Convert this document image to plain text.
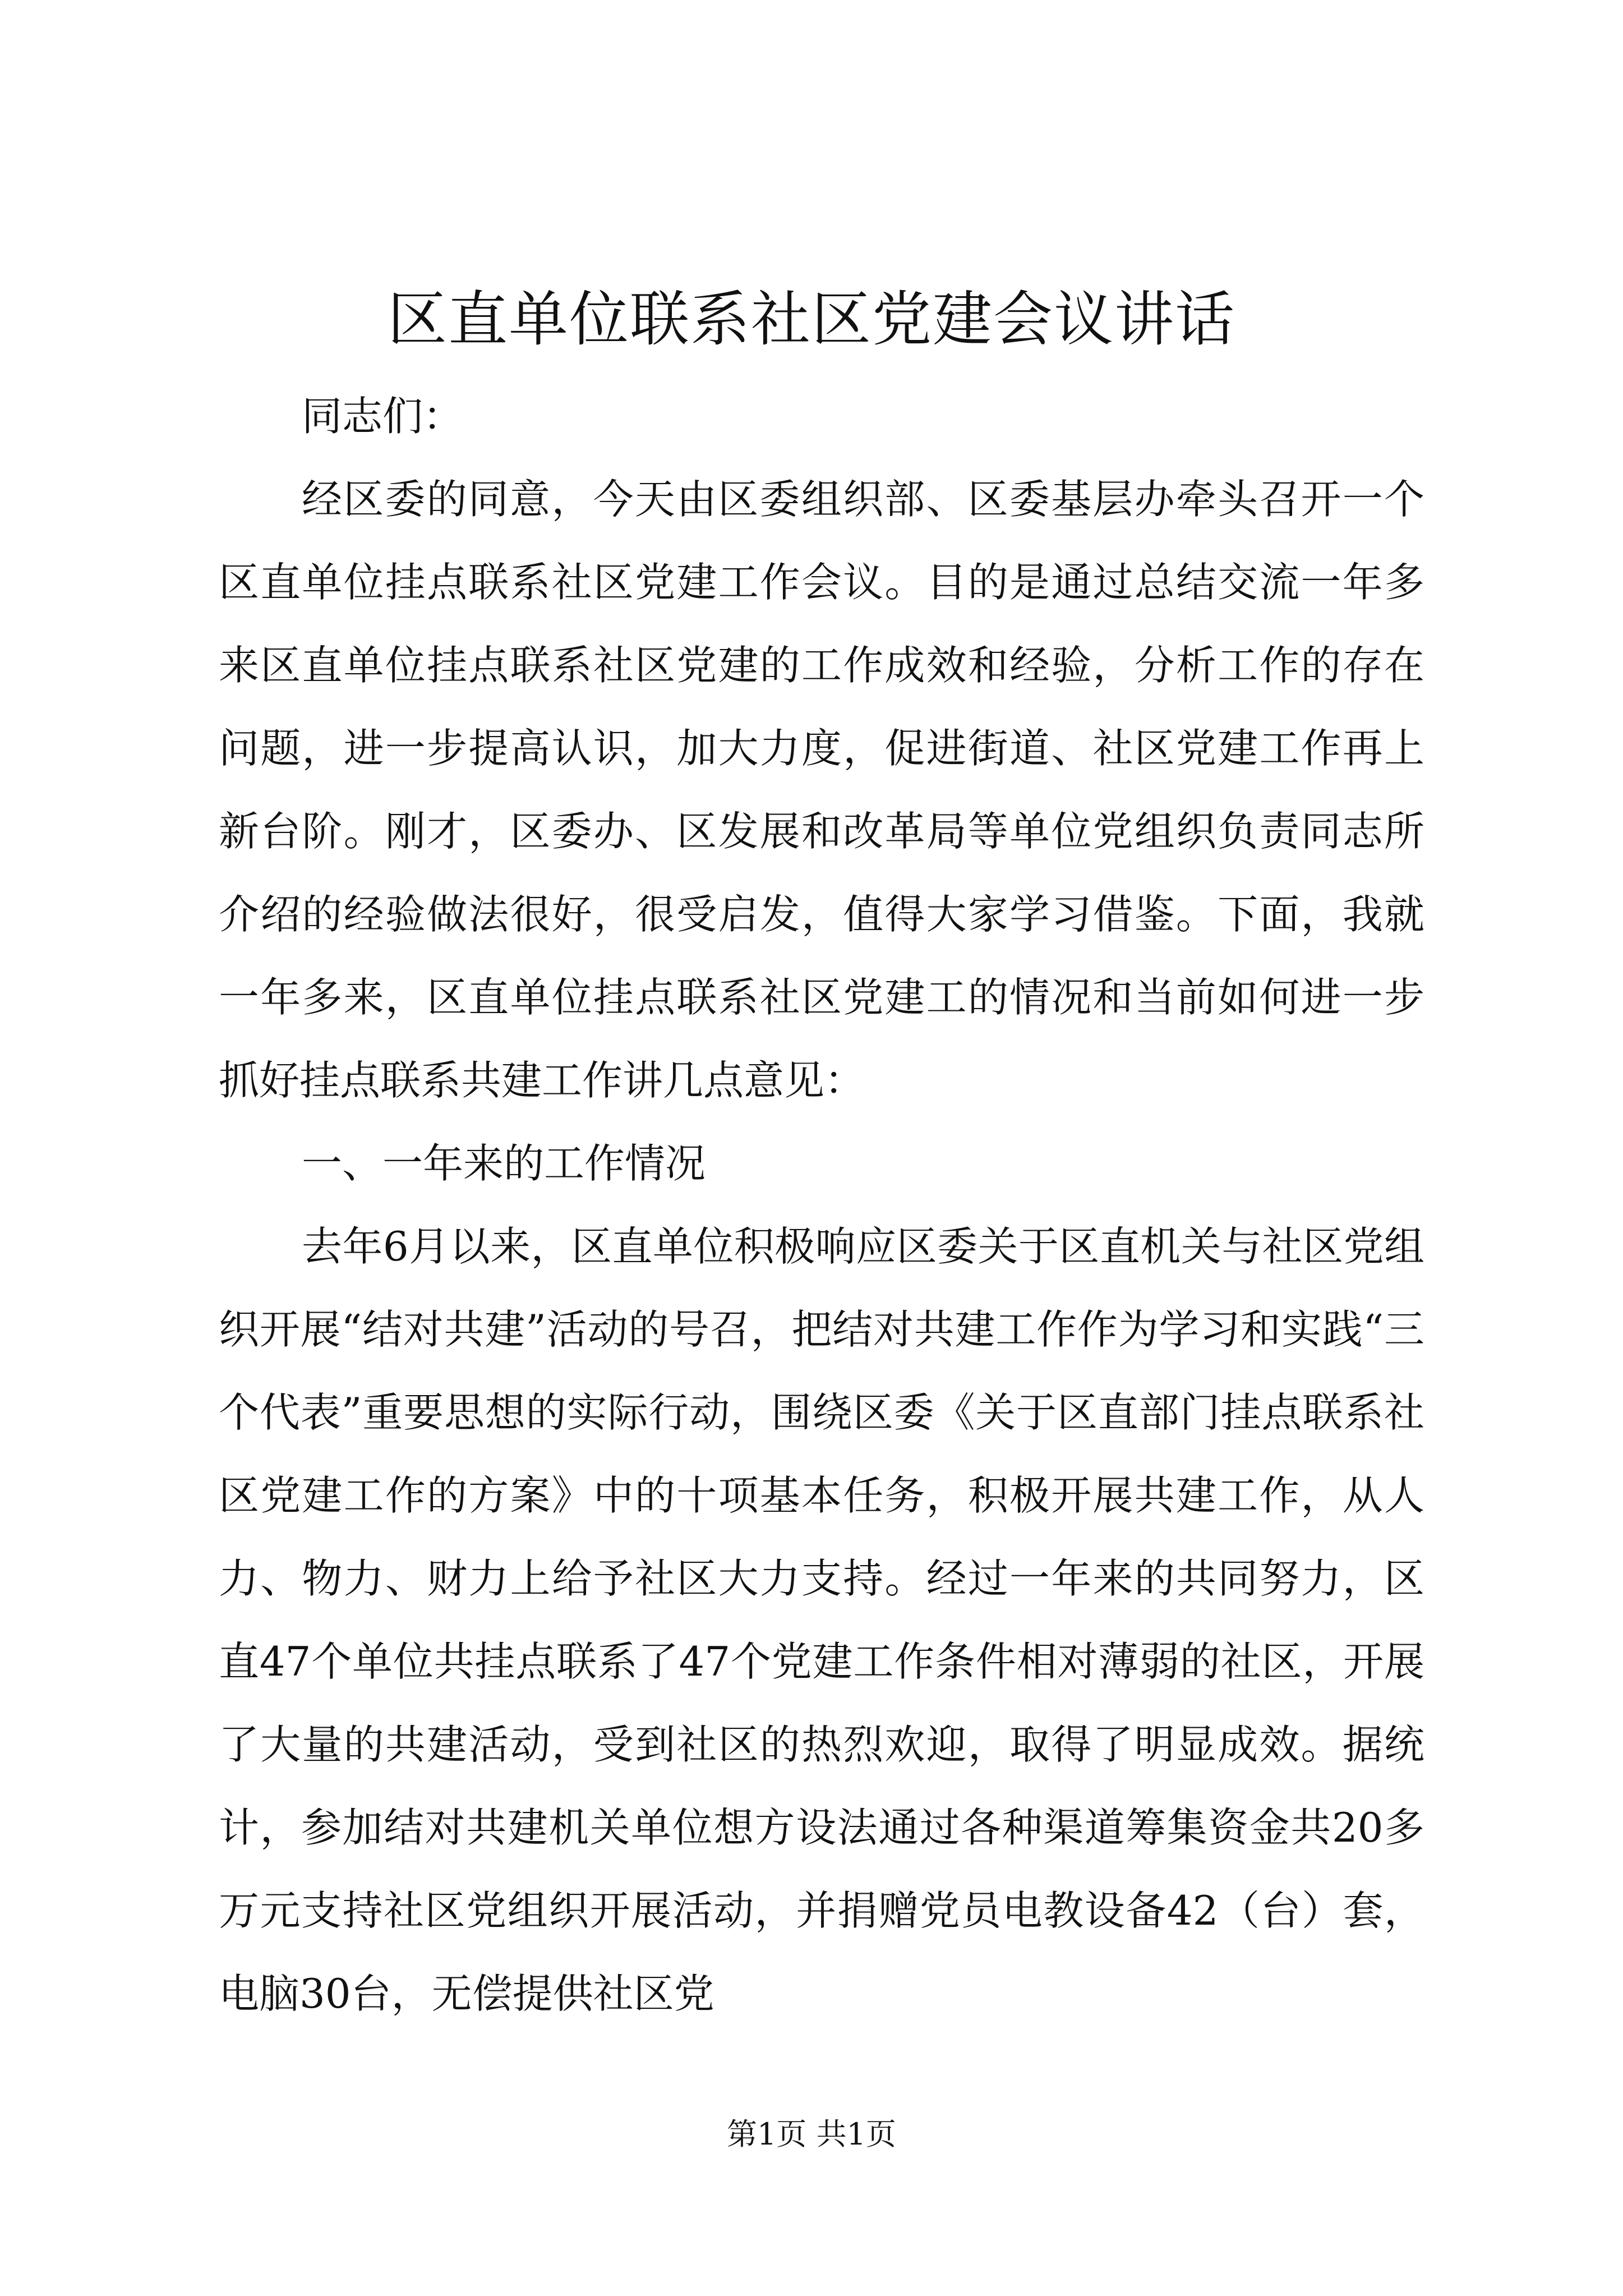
区直单位联系社区党建会议讲话

同志们：

经区委的同意，今天由区委组织部、区委基层办牵头召开一个区直单位挂点联系社区党建工作会议。目的是通过总结交流一年多来区直单位挂点联系社区党建的工作成效和经验，分析工作的存在问题，进一步提高认识，加大力度，促进街道、社区党建工作再上新台阶。刚才，区委办、区发展和改革局等单位党组织负责同志所介绍的经验做法很好，很受启发，值得大家学习借鉴。下面，我就一年多来，区直单位挂点联系社区党建工的情况和当前如何进一步抓好挂点联系共建工作讲几点意见：

一、一年来的工作情况

去年6月以来，区直单位积极响应区委关于区直机关与社区党组织开展“结对共建”活动的号召，把结对共建工作作为学习和实践“三个代表”重要思想的实际行动，围绕区委《关于区直部门挂点联系社区党建工作的方案》中的十项基本任务，积极开展共建工作，从人力、物力、财力上给予社区大力支持。经过一年来的共同努力，区直47个单位共挂点联系了47个党建工作条件相对薄弱的社区，开展了大量的共建活动，受到社区的热烈欢迎，取得了明显成效。据统计，参加结对共建机关单位想方设法通过各种渠道筹集资金共20多万元支持社区党组织开展活动，并捐赠党员电教设备42（台）套，电脑30台，无偿提供社区党

第1页 共1页
